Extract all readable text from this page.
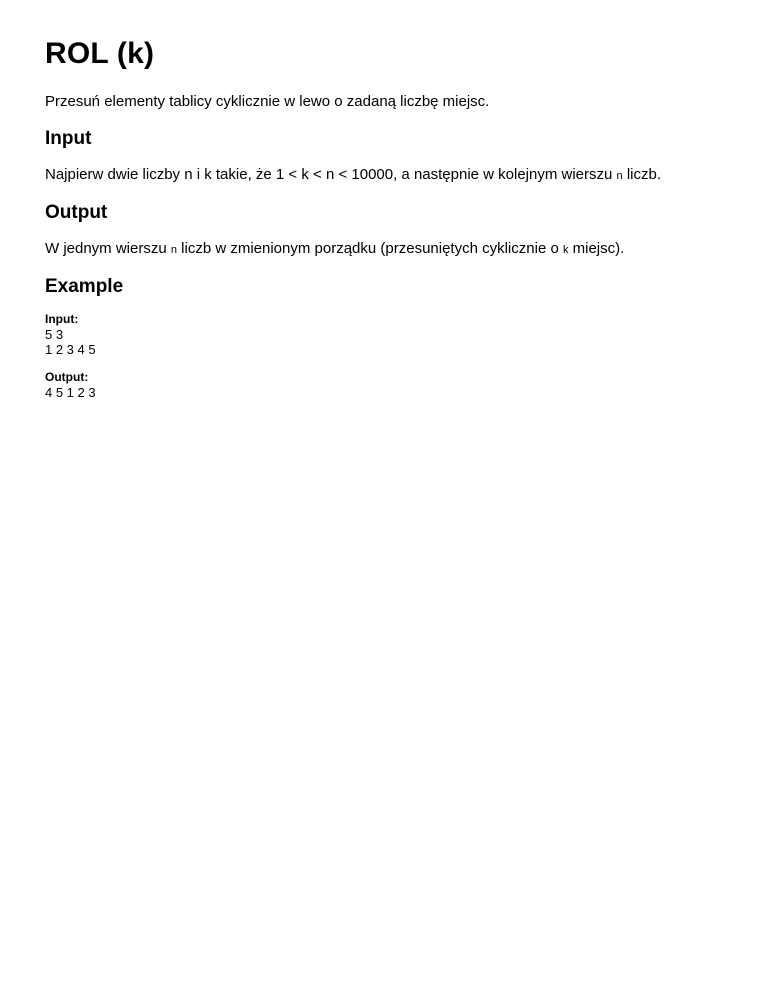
ROL (k)

Przesuń elementy tablicy cyklicznie w lewo o zadaną liczbę miejsc.

Input

Najpierw dwie liczby n i k takie, że 1 < k < n < 10000, a następnie w kolejnym wierszu n liczb.

Output

W jednym wierszu n liczb w zmienionym porządku (przesuniętych cyklicznie o k miejsc).

Example
Input:
5 3
1 2 3 4 5
Output:
4 5 1 2 3
